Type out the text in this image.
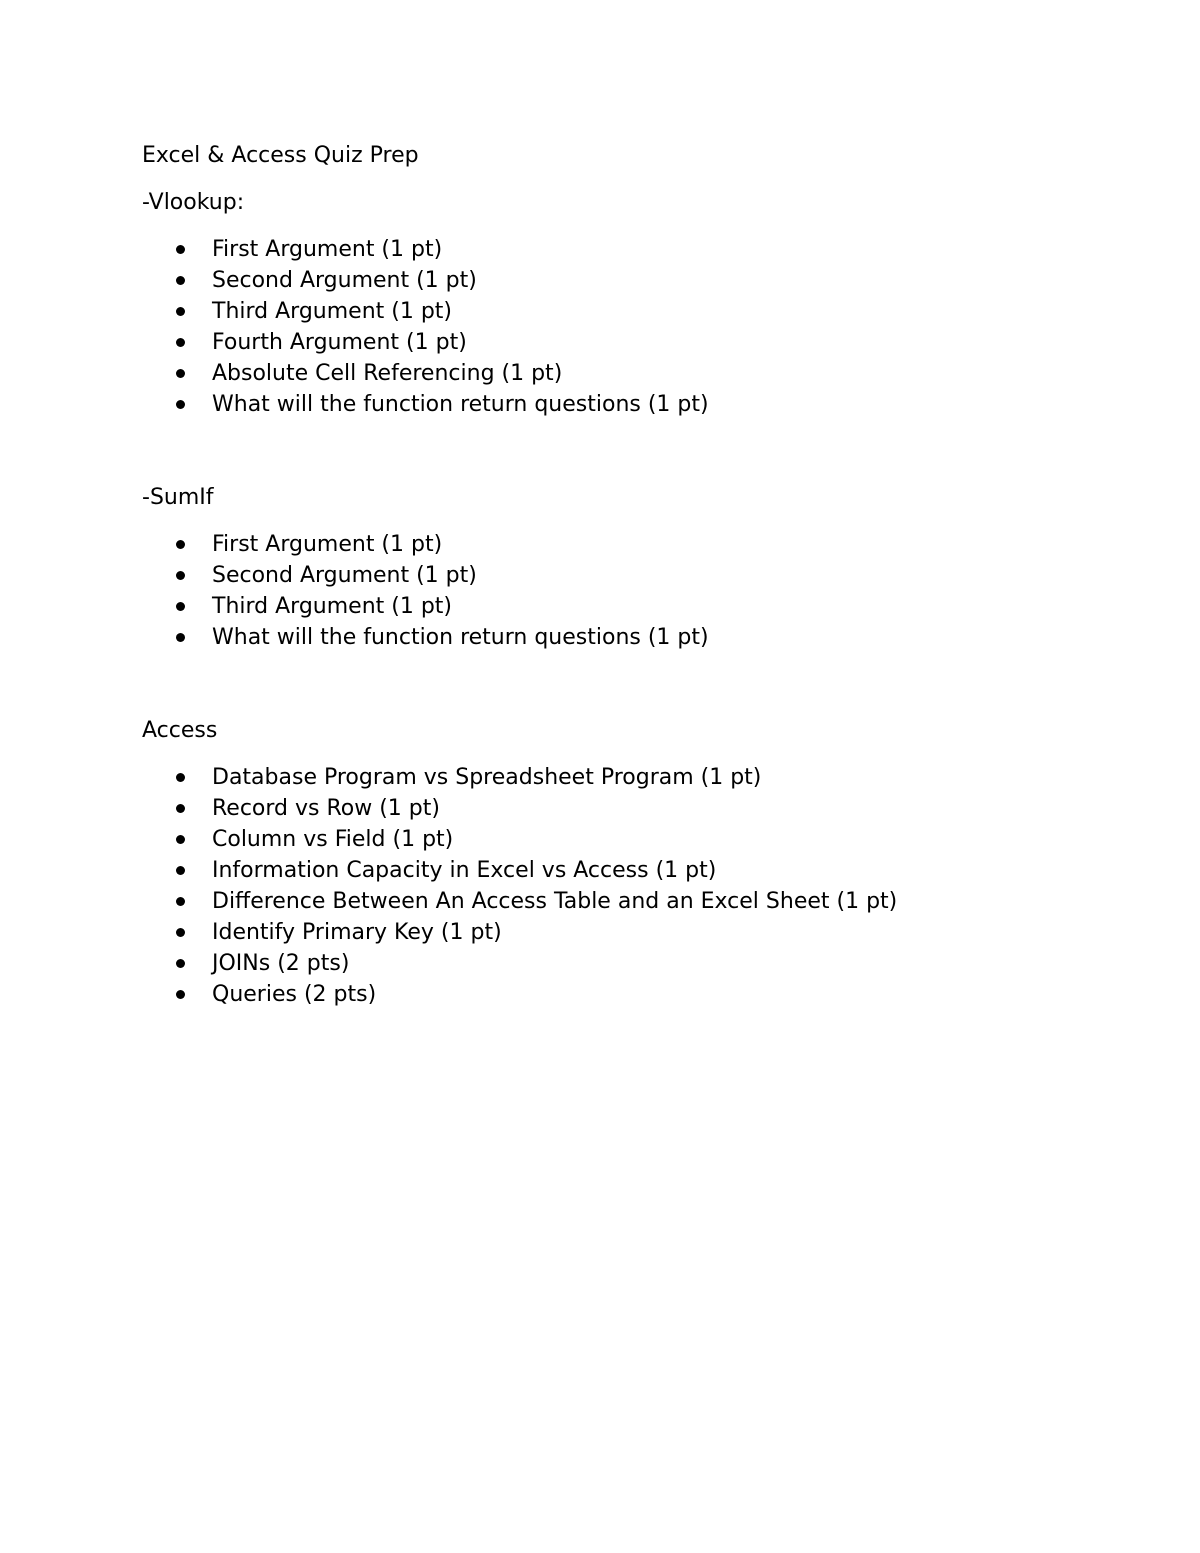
Excel & Access Quiz Prep

-Vlookup:

First Argument (1 pt)
Second Argument (1 pt)
Third Argument (1 pt)
Fourth Argument (1 pt)
Absolute Cell Referencing (1 pt)
What will the function return questions (1 pt)

-SumIf

First Argument (1 pt)
Second Argument (1 pt)
Third Argument (1 pt)
What will the function return questions (1 pt)

Access

Database Program vs Spreadsheet Program (1 pt)
Record vs Row (1 pt)
Column vs Field (1 pt)
Information Capacity in Excel vs Access (1 pt)
Difference Between An Access Table and an Excel Sheet (1 pt)
Identify Primary Key (1 pt)
JOINs (2 pts)
Queries (2 pts)
